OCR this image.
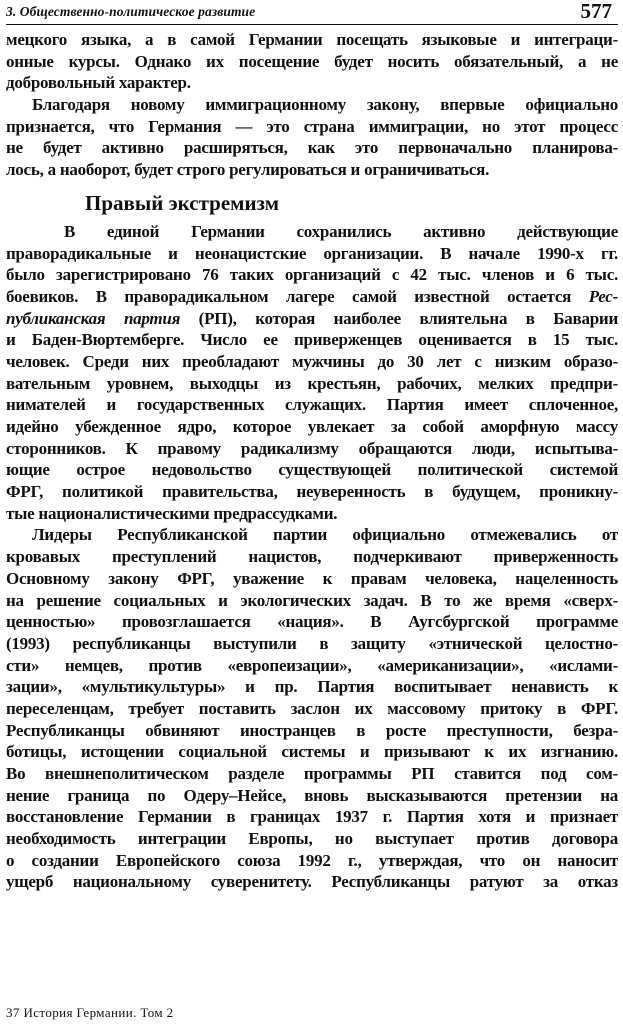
3. Общественно-политическое развитие	577
мецкого языка, а в самой Германии посещать языковые и интеграци-
онные курсы. Однако их посещение будет носить обязательный, а не
добровольный характер.
Благодаря новому иммиграционному закону, впервые официально
признается, что Германия — это страна иммиграции, но этот процесс
не будет активно расширяться, как это первоначально планирова-
лось, а наоборот, будет строго регулироваться и ограничиваться.
Правый экстремизм
В единой Германии сохранились активно действующие
праворадикальные и неонацистские организации. В начале 1990-х гг.
было зарегистрировано 76 таких организаций с 42 тыс. членов и 6 тыс.
боевиков. В праворадикальном лагере самой известной остается Рес-
публиканская партия (РП), которая наиболее влиятельна в Баварии
и Баден-Вюртемберге. Число ее приверженцев оценивается в 15 тыс.
человек. Среди них преобладают мужчины до 30 лет с низким образо-
вательным уровнем, выходцы из крестьян, рабочих, мелких предпри-
нимателей и государственных служащих. Партия имеет сплоченное,
идейно убежденное ядро, которое увлекает за собой аморфную массу
сторонников. К правому радикализму обращаются люди, испытыва-
ющие острое недовольство существующей политической системой
ФРГ, политикой правительства, неуверенность в будущем, проникну-
тые националистическими предрассудками.
Лидеры Республиканской партии официально отмежевались от
кровавых преступлений нацистов, подчеркивают приверженность
Основному закону ФРГ, уважение к правам человека, нацеленность
на решение социальных и экологических задач. В то же время «сверх-
ценностью» провозглашается «нация». В Аугсбургской программе
(1993) республиканцы выступили в защиту «этнической целостно-
сти» немцев, против «европеизации», «американизации», «ислами-
зации», «мультикультуры» и пр. Партия воспитывает ненависть к
переселенцам, требует поставить заслон их массовому притоку в ФРГ.
Республиканцы обвиняют иностранцев в росте преступности, безра-
ботицы, истощении социальной системы и призывают к их изгнанию.
Во внешнеполитическом разделе программы РП ставится под сом-
нение граница по Одеру–Нейсе, вновь высказываются претензии на
восстановление Германии в границах 1937 г. Партия хотя и признает
необходимость интеграции Европы, но выступает против договора
о создании Европейского союза 1992 г., утверждая, что он наносит
ущерб национальному суверенитету. Республиканцы ратуют за отказ
37 История Германии. Том 2
